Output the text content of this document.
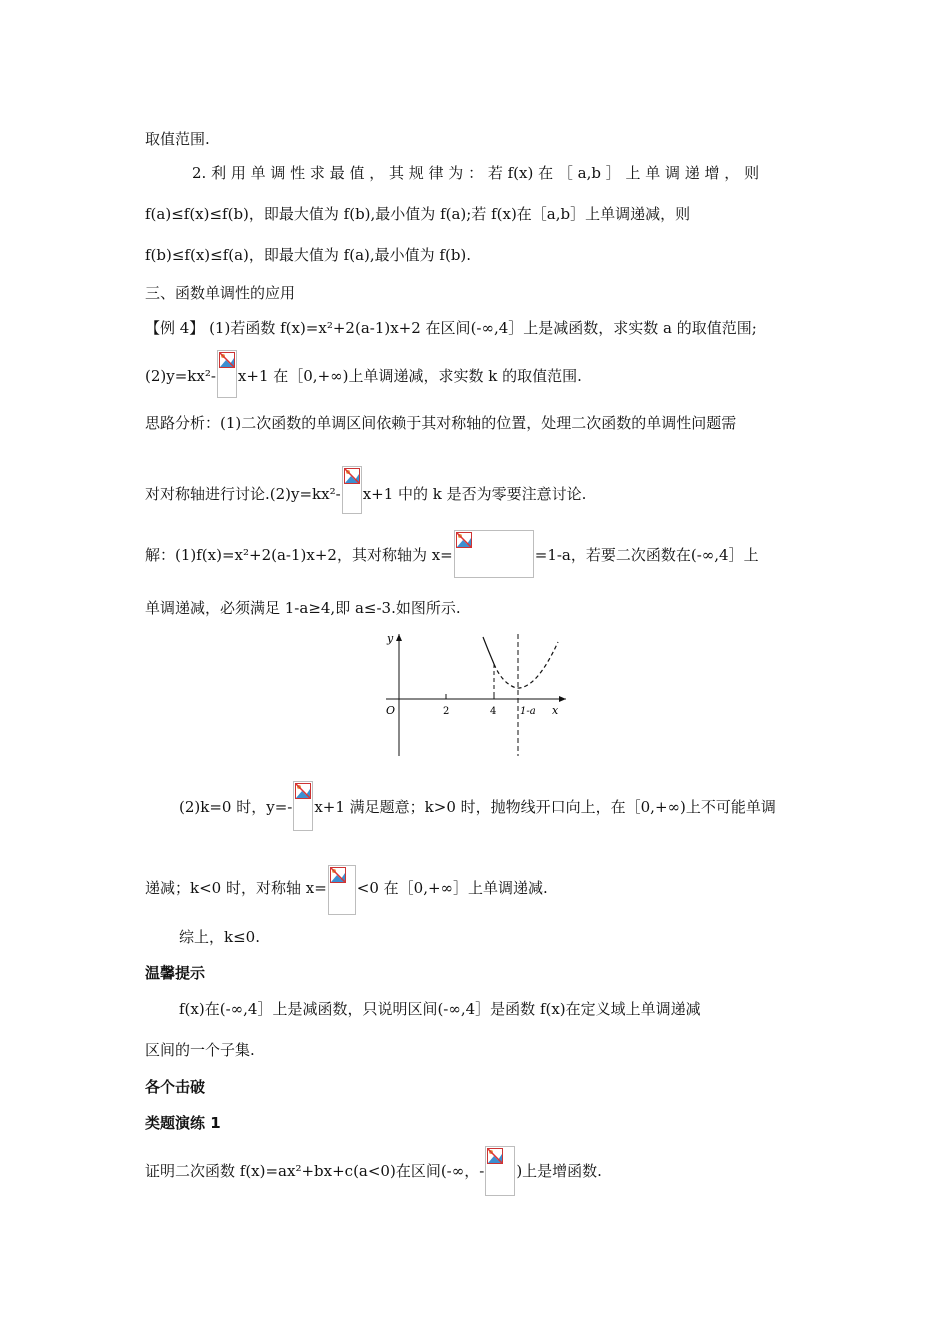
取值范围.
2. 利 用 单 调 性 求 最 值 ， 其 规 律 为 ： 若 f(x) 在 ［ a,b ］ 上 单 调 递 增 ， 则
f(a)≤f(x)≤f(b)，即最大值为 f(b),最小值为 f(a);若 f(x)在［a,b］上单调递减，则
f(b)≤f(x)≤f(a)，即最大值为 f(a),最小值为 f(b).
三、函数单调性的应用
【例 4】 (1)若函数 f(x)=x²+2(a-1)x+2 在区间(-∞,4］上是减函数，求实数 a 的取值范围;
(2)y=kx²- x+1 在［0,+∞)上单调递减，求实数 k 的取值范围.
思路分析：(1)二次函数的单调区间依赖于其对称轴的位置，处理二次函数的单调性问题需
对对称轴进行讨论.(2)y=kx²- x+1 中的 k 是否为零要注意讨论.
解：(1)f(x)=x²+2(a-1)x+2，其对称轴为 x=	=1-a，若要二次函数在(-∞,4］上
单调递减，必须满足 1-a≥4,即 a≤-3.如图所示.
y
x
O	2	4 1-a
(2)k=0 时，y=- x+1 满足题意；k>0 时，抛物线开口向上，在［0,+∞)上不可能单调
递减；k<0 时，对称轴 x= <0 在［0,+∞］上单调递减.
综上，k≤0.
温馨提示
f(x)在(-∞,4］上是减函数，只说明区间(-∞,4］是函数 f(x)在定义域上单调递减
区间的一个子集.
各个击破
类题演练 1
证明二次函数 f(x)=ax²+bx+c(a<0)在区间(-∞，- )上是增函数.
